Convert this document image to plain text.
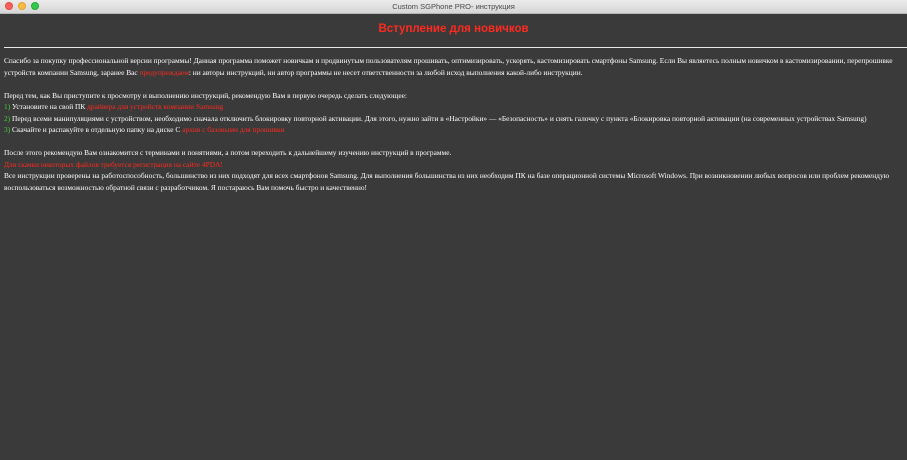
Custom SGPhone PRO- инструкция
Вступление для новичков

Спасибо за покупку профессиональной версии программы! Данная программа поможет новичкам и продвинутым пользователям прошивать, оптимизировать, ускорять, кастомизировать смартфоны Samsung. Если Вы являетесь полным новичком в кастомизировании, перепрошивке устройств компании Samsung, заранее Вас предупреждаем: ни авторы инструкций, ни автор программы не несет ответственности за любой исход выполнения какой-либо инструкции.

Перед тем, как Вы приступите к просмотру и выполнению инструкций, рекомендую Вам в первую очередь сделать следующее:

1) Установите на свой ПК драйвера для устройств компании Samsung

2) Перед всеми манипуляциями с устройством, необходимо сначала отключить блокировку повторной активации. Для этого, нужно зайти в «Настройки» — «Безопасность» и снять галочку с пункта «Блокировка повторной активации (на современных устройствах Samsung)

3) Скачайте и распакуйте в отдельную папку на диске С архив с базовыми для прошивки

После этого рекомендую Вам ознакомится с терминами и понятиями, а потом переходить к дальнейшему изучению инструкций в программе.

Для скачки некоторых файлов требуется регистрация на сайте 4PDA!

Все инструкции проверены на работоспособность, большинство из них подходят для всех смартфонов Samsung. Для выполнения большинства из них необходим ПК на базе операционной системы Microsoft Windows. При возникновении любых вопросов или проблем рекомендую воспользоваться возможностью обратной связи с разработчиком. Я постараюсь Вам помочь быстро и качественно!
